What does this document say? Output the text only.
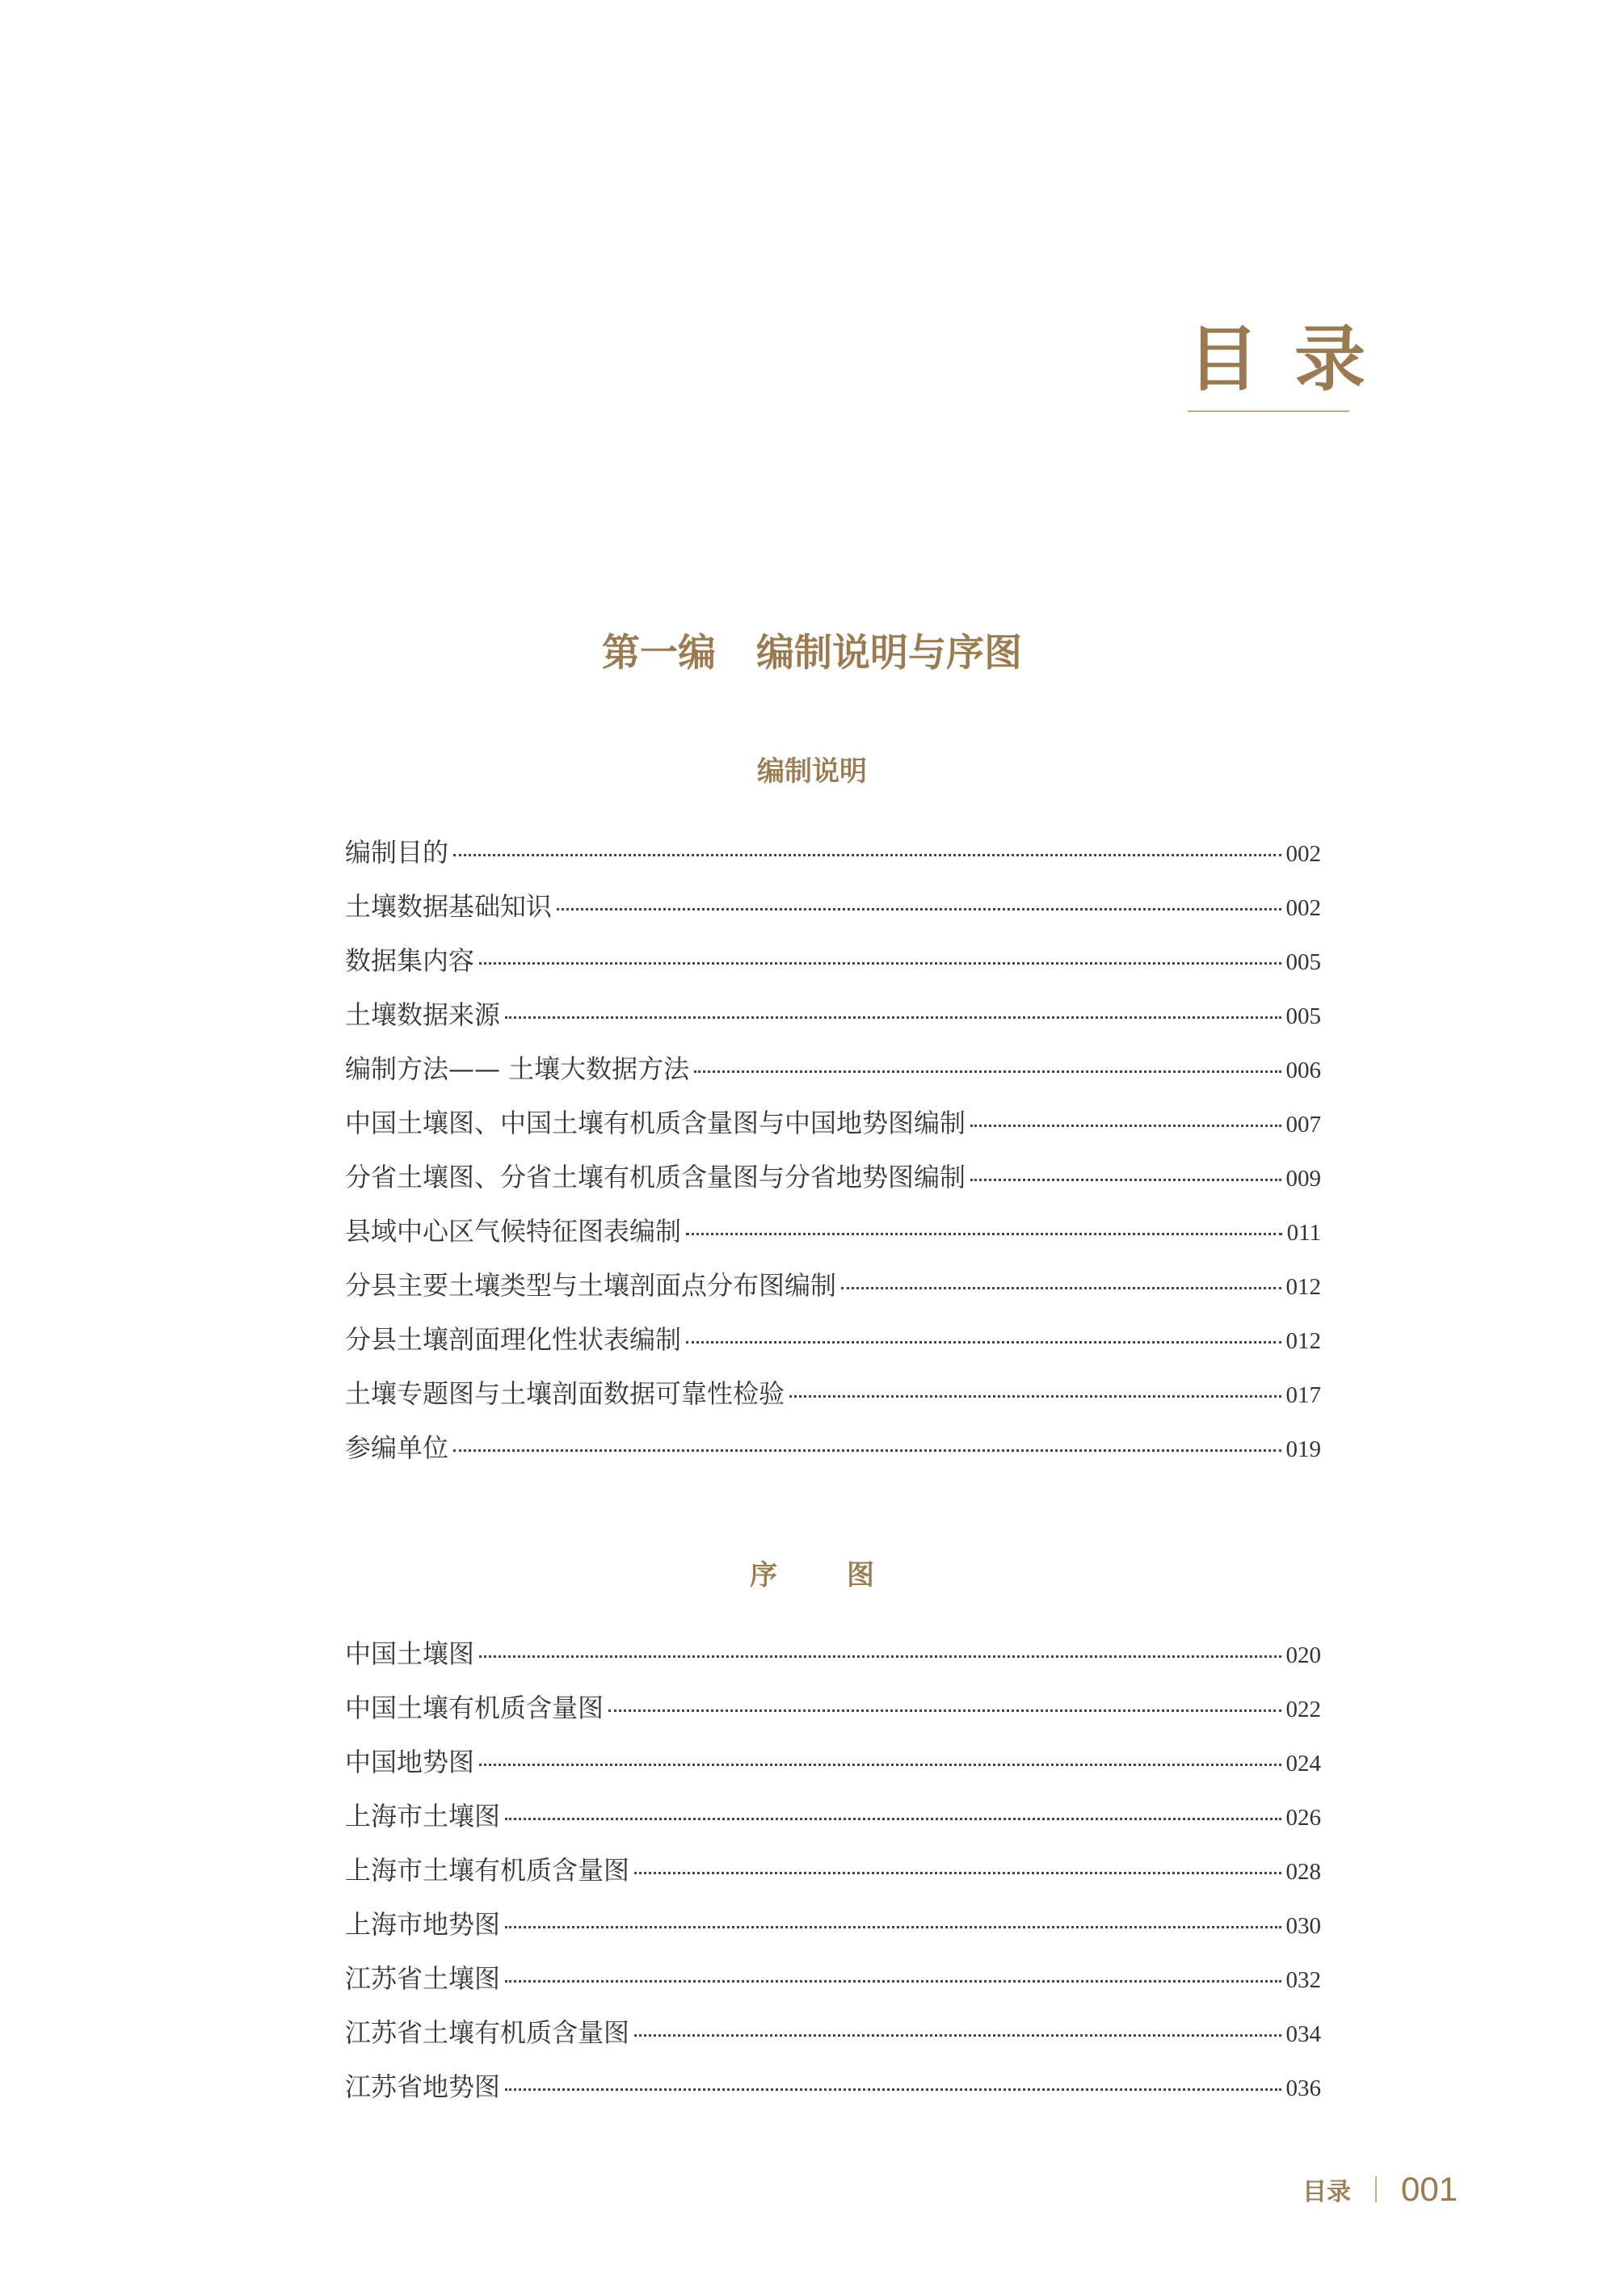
目录
第一编 编制说明与序图
编制说明
编制目的	002
土壤数据基础知识	002
数据集内容	005
土壤数据来源	005
编制方法—— 土壤大数据方法	006
中国土壤图、中国土壤有机质含量图与中国地势图编制	007
分省土壤图、分省土壤有机质含量图与分省地势图编制	009
县域中心区气候特征图表编制	011
分县主要土壤类型与土壤剖面点分布图编制	012
分县土壤剖面理化性状表编制	012
土壤专题图与土壤剖面数据可靠性检验	017
参编单位	019
序	图
中国土壤图	020
中国土壤有机质含量图	022
中国地势图	024
上海市土壤图	026
上海市土壤有机质含量图	028
上海市地势图	030
江苏省土壤图	032
江苏省土壤有机质含量图	034
江苏省地势图	036
目录 001
